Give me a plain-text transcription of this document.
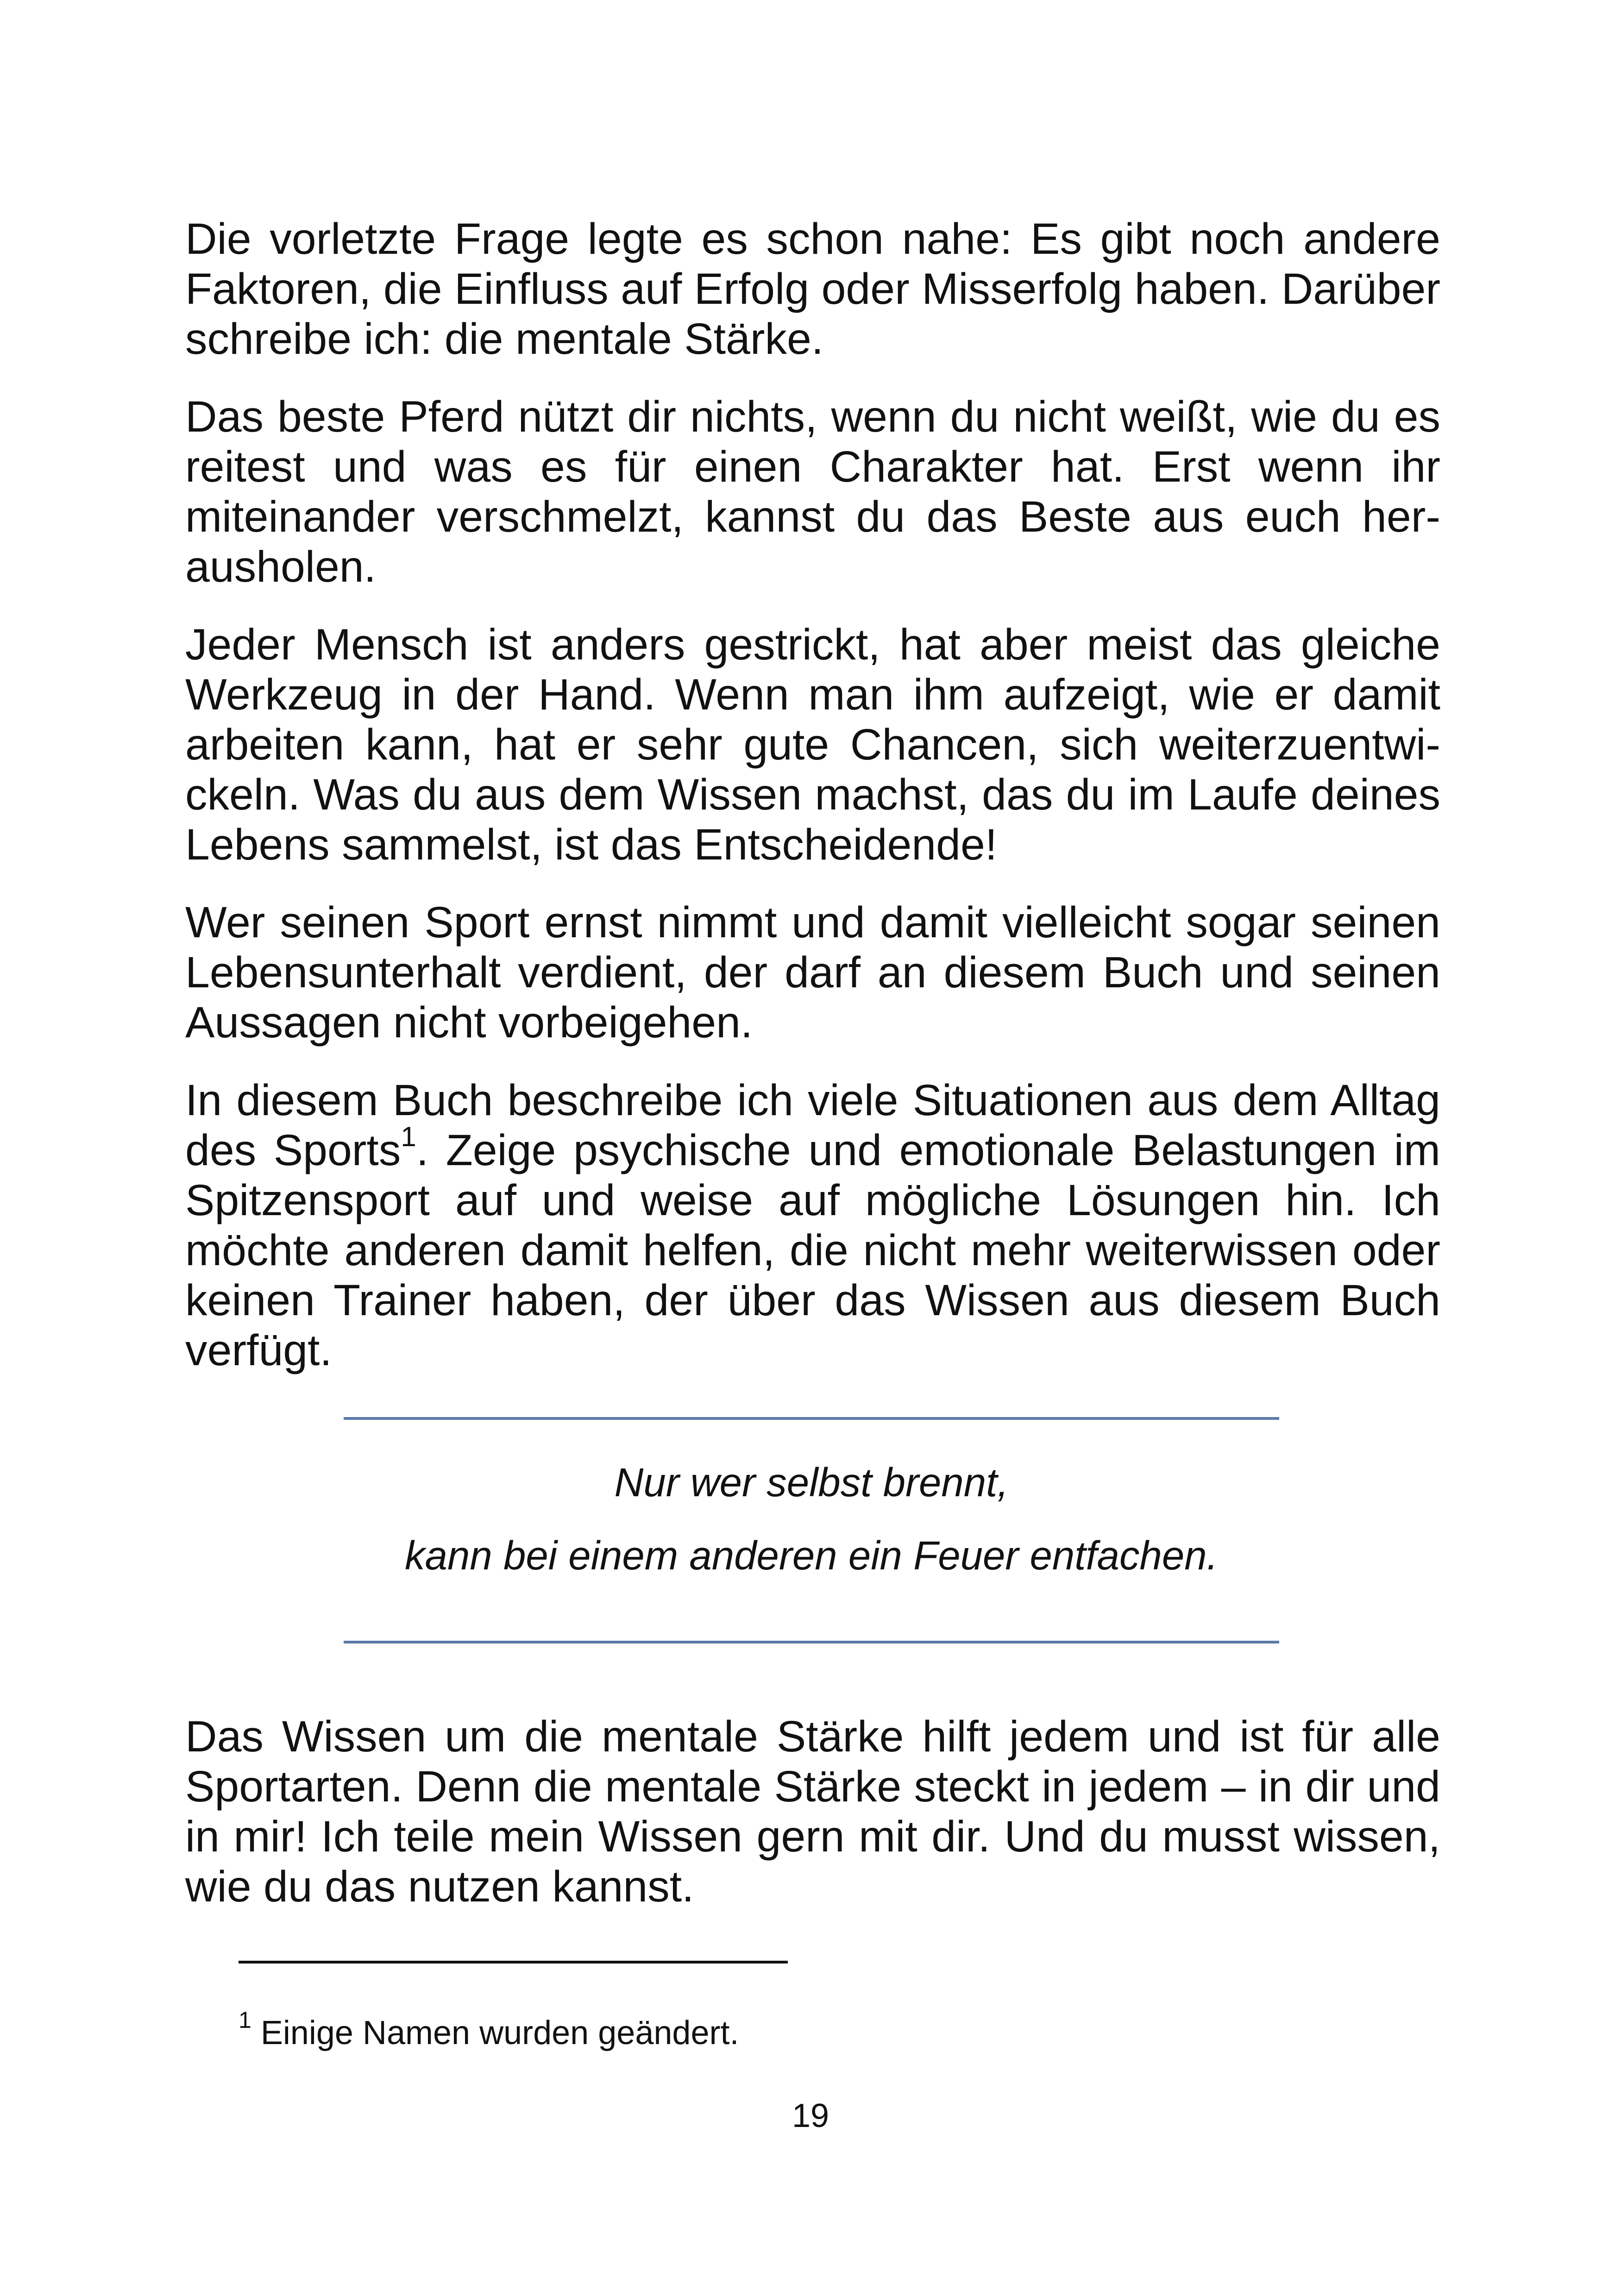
Die vorletzte Frage legte es schon nahe: Es gibt noch andere Faktoren, die Einfluss auf Erfolg oder Misserfolg haben. Darüber schreibe ich: die mentale Stärke.

Das beste Pferd nützt dir nichts, wenn du nicht weißt, wie du es reitest und was es für einen Charakter hat. Erst wenn ihr miteinander verschmelzt, kannst du das Beste aus euch herausholen.

Jeder Mensch ist anders gestrickt, hat aber meist das gleiche Werkzeug in der Hand. Wenn man ihm aufzeigt, wie er damit arbeiten kann, hat er sehr gute Chancen, sich weiterzuentwickeln. Was du aus dem Wissen machst, das du im Laufe deines Lebens sammelst, ist das Entscheidende!

Wer seinen Sport ernst nimmt und damit vielleicht sogar seinen Lebensunterhalt verdient, der darf an diesem Buch und seinen Aussagen nicht vorbeigehen.

In diesem Buch beschreibe ich viele Situationen aus dem Alltag des Sports$^1$. Zeige psychische und emotionale Belastungen im Spitzensport auf und weise auf mögliche Lösungen hin. Ich möchte anderen damit helfen, die nicht mehr weiterwissen oder keinen Trainer haben, der über das Wissen aus diesem Buch verfügt.

Nur wer selbst brennt,
kann bei einem anderen ein Feuer entfachen.

Das Wissen um die mentale Stärke hilft jedem und ist für alle Sportarten. Denn die mentale Stärke steckt in jedem – in dir und in mir! Ich teile mein Wissen gern mit dir. Und du musst wissen, wie du das nutzen kannst.

$^1$ Einige Namen wurden geändert.
19
